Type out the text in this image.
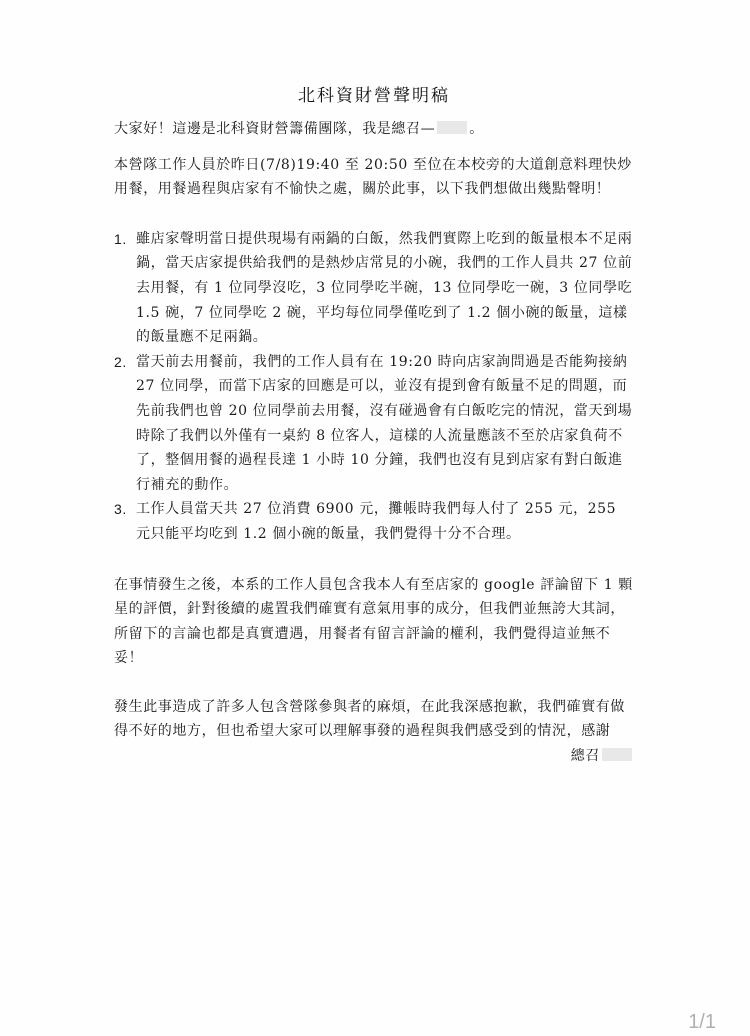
北科資財營聲明稿

大家好！這邊是北科資財營籌備團隊，我是總召— 。

本營隊工作人員於昨日(7/8)19:40 至 20:50 至位在本校旁的大道創意料理快炒用餐，用餐過程與店家有不愉快之處，關於此事，以下我們想做出幾點聲明！

1. 雖店家聲明當日提供現場有兩鍋的白飯，然我們實際上吃到的飯量根本不足兩鍋，當天店家提供給我們的是熱炒店常見的小碗，我們的工作人員共 27 位前去用餐，有 1 位同學沒吃，3 位同學吃半碗，13 位同學吃一碗，3 位同學吃 1.5 碗，7 位同學吃 2 碗，平均每位同學僅吃到了 1.2 個小碗的飯量，這樣的飯量應不足兩鍋。
2. 當天前去用餐前，我們的工作人員有在 19:20 時向店家詢問過是否能夠接納 27 位同學，而當下店家的回應是可以，並沒有提到會有飯量不足的問題，而先前我們也曾 20 位同學前去用餐，沒有碰過會有白飯吃完的情況，當天到場時除了我們以外僅有一桌約 8 位客人，這樣的人流量應該不至於店家負荷不了，整個用餐的過程長達 1 小時 10 分鐘，我們也沒有見到店家有對白飯進行補充的動作。
3. 工作人員當天共 27 位消費 6900 元，攤帳時我們每人付了 255 元，255 元只能平均吃到 1.2 個小碗的飯量，我們覺得十分不合理。

在事情發生之後，本系的工作人員包含我本人有至店家的 google 評論留下 1 顆星的評價，針對後續的處置我們確實有意氣用事的成分，但我們並無誇大其詞，所留下的言論也都是真實遭遇，用餐者有留言評論的權利，我們覺得這並無不妥！

發生此事造成了許多人包含營隊參與者的麻煩，在此我深感抱歉，我們確實有做得不好的地方，但也希望大家可以理解事發的過程與我們感受到的情況，感謝

總召

1/1
